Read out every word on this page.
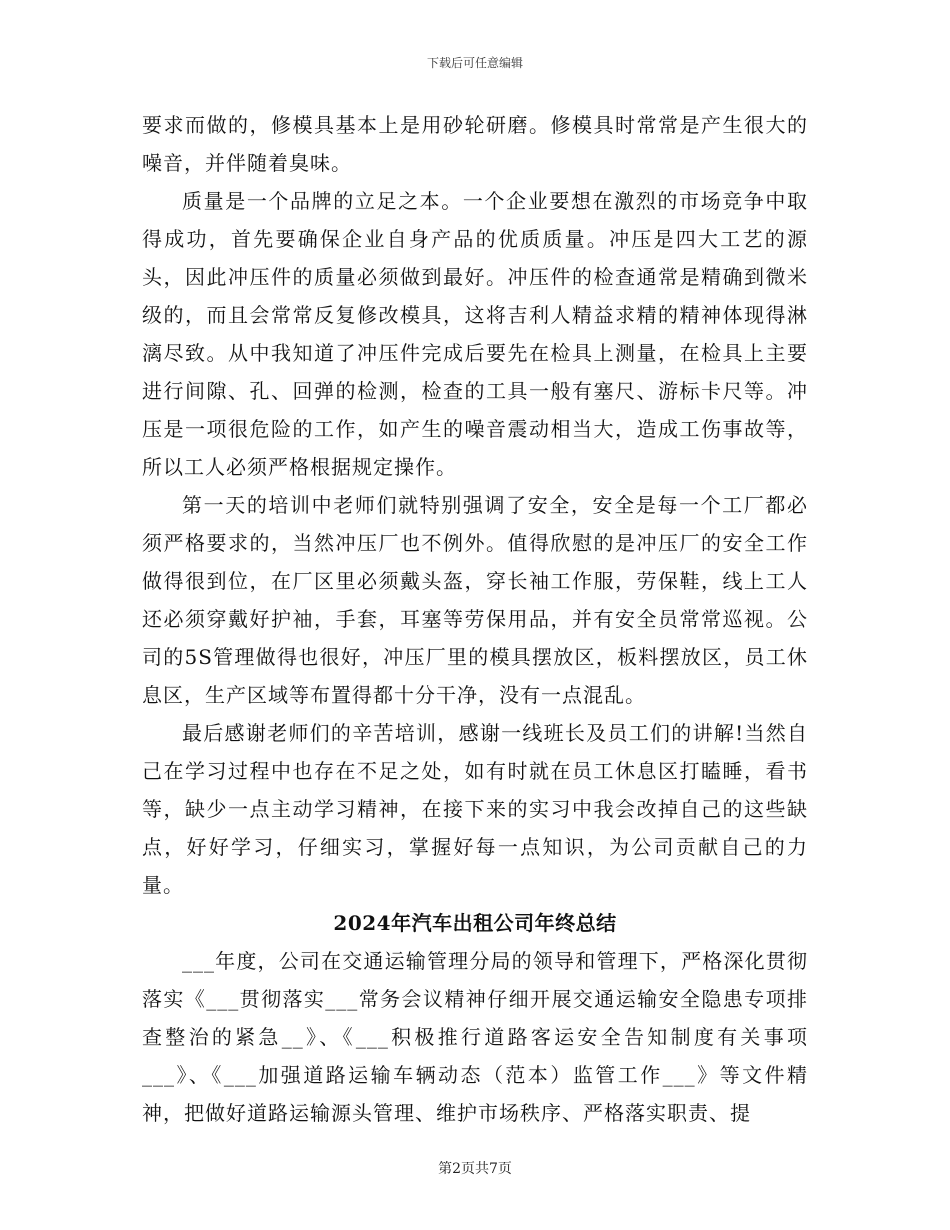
下载后可任意编辑

要求而做的，修模具基本上是用砂轮研磨。修模具时常常是产生很大的噪音，并伴随着臭味。

质量是一个品牌的立足之本。一个企业要想在激烈的市场竞争中取得成功，首先要确保企业自身产品的优质质量。冲压是四大工艺的源头，因此冲压件的质量必须做到最好。冲压件的检查通常是精确到微米级的，而且会常常反复修改模具，这将吉利人精益求精的精神体现得淋漓尽致。从中我知道了冲压件完成后要先在检具上测量，在检具上主要进行间隙、孔、回弹的检测，检查的工具一般有塞尺、游标卡尺等。冲压是一项很危险的工作，如产生的噪音震动相当大，造成工伤事故等，所以工人必须严格根据规定操作。

第一天的培训中老师们就特别强调了安全，安全是每一个工厂都必须严格要求的，当然冲压厂也不例外。值得欣慰的是冲压厂的安全工作做得很到位，在厂区里必须戴头盔，穿长袖工作服，劳保鞋，线上工人还必须穿戴好护袖，手套，耳塞等劳保用品，并有安全员常常巡视。公司的5S管理做得也很好，冲压厂里的模具摆放区，板料摆放区，员工休息区，生产区域等布置得都十分干净，没有一点混乱。

最后感谢老师们的辛苦培训，感谢一线班长及员工们的讲解!当然自己在学习过程中也存在不足之处，如有时就在员工休息区打瞌睡，看书等，缺少一点主动学习精神，在接下来的实习中我会改掉自己的这些缺点，好好学习，仔细实习，掌握好每一点知识，为公司贡献自己的力量。

2024年汽车出租公司年终总结

___年度，公司在交通运输管理分局的领导和管理下，严格深化贯彻落实《___贯彻落实___常务会议精神仔细开展交通运输安全隐患专项排查整治的紧急__》、《___积极推行道路客运安全告知制度有关事项___》、《___加强道路运输车辆动态（范本）监管工作___》等文件精神，把做好道路运输源头管理、维护市场秩序、严格落实职责、提

第2页共7页
